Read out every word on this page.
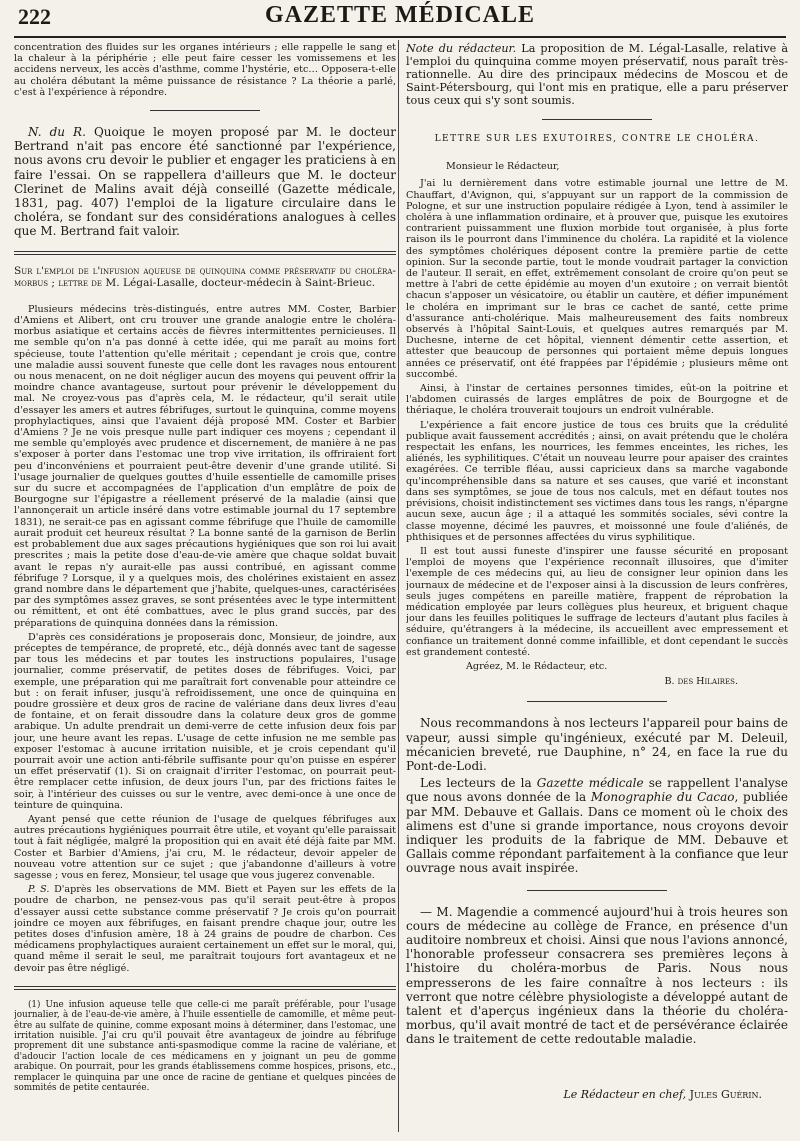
222	GAZETTE MÉDICALE

concentration des fluides sur les organes intérieurs ; elle rappelle le sang et la chaleur à la périphérie ; elle peut faire cesser les vomissemens et les accidens nerveux, les accès d'asthme, comme l'hystérie, etc… Opposera-t-elle au choléra débutant la même puissance de résistance ? La théorie a parlé, c'est à l'expérience à répondre.

N. du R. Quoique le moyen proposé par M. le docteur Bertrand n'ait pas encore été sanctionné par l'expérience, nous avons cru devoir le publier et engager les praticiens à en faire l'essai. On se rappellera d'ailleurs que M. le docteur Clerinet de Malins avait déjà conseillé (Gazette médicale, 1831, pag. 407) l'emploi de la ligature circulaire dans le choléra, se fondant sur des considérations analogues à celles que M. Bertrand fait valoir.

Sur l'emploi de l'infusion aqueuse de quinquina comme préservatif du choléra-morbus ; lettre de M. Légai-Lasalle, docteur-médecin à Saint-Brieuc.

Plusieurs médecins très-distingués, entre autres MM. Coster, Barbier d'Amiens et Alibert, ont cru trouver une grande analogie entre le choléra-morbus asiatique et certains accès de fièvres intermittentes pernicieuses. Il me semble qu'on n'a pas donné à cette idée, qui me paraît au moins fort spécieuse, toute l'attention qu'elle méritait ; cependant je crois que, contre une maladie aussi souvent funeste que celle dont les ravages nous entourent ou nous menacent, on ne doit négliger aucun des moyens qui peuvent offrir la moindre chance avantageuse, surtout pour prévenir le développement du mal. Ne croyez-vous pas d'après cela, M. le rédacteur, qu'il serait utile d'essayer les amers et autres fébrifuges, surtout le quinquina, comme moyens prophylactiques, ainsi que l'avaient déjà proposé MM. Coster et Barbier d'Amiens ? Je ne vois presque nulle part indiquer ces moyens ; cependant il me semble qu'employés avec prudence et discernement, de manière à ne pas s'exposer à porter dans l'estomac une trop vive irritation, ils offriraient fort peu d'inconvéniens et pourraient peut-être devenir d'une grande utilité. Si l'usage journalier de quelques gouttes d'huile essentielle de camomille prises sur du sucre et accompagnées de l'application d'un emplâtre de poix de Bourgogne sur l'épigastre a réellement préservé de la maladie (ainsi que l'annonçerait un article inséré dans votre estimable journal du 17 septembre 1831), ne serait-ce pas en agissant comme fébrifuge que l'huile de camomille aurait produit cet heureux résultat ? La bonne santé de la garnison de Berlin est probablement due aux sages précautions hygiéniques que son roi lui avait prescrites ; mais la petite dose d'eau-de-vie amère que chaque soldat buvait avant le repas n'y aurait-elle pas aussi contribué, en agissant comme fébrifuge ? Lorsque, il y a quelques mois, des cholérines existaient en assez grand nombre dans le département que j'habite, quelques-unes, caractérisées par des symptômes assez graves, se sont présentées avec le type intermittent ou rémittent, et ont été combattues, avec le plus grand succès, par des préparations de quinquina données dans la rémission.

D'après ces considérations je proposerais donc, Monsieur, de joindre, aux préceptes de tempérance, de propreté, etc., déjà donnés avec tant de sagesse par tous les médecins et par toutes les instructions populaires, l'usage journalier, comme préservatif, de petites doses de fébrifuges. Voici, par exemple, une préparation qui me paraîtrait fort convenable pour atteindre ce but : on ferait infuser, jusqu'à refroidissement, une once de quinquina en poudre grossière et deux gros de racine de valériane dans deux livres d'eau de fontaine, et on ferait dissoudre dans la colature deux gros de gomme arabique. Un adulte prendrait un demi-verre de cette infusion deux fois par jour, une heure avant les repas. L'usage de cette infusion ne me semble pas exposer l'estomac à aucune irritation nuisible, et je crois cependant qu'il pourrait avoir une action anti-fébrile suffisante pour qu'on puisse en espérer un effet préservatif (1). Si on craignait d'irriter l'estomac, on pourrait peut-être remplacer cette infusion, de deux jours l'un, par des frictions faites le soir, à l'intérieur des cuisses ou sur le ventre, avec demi-once à une once de teinture de quinquina.

Ayant pensé que cette réunion de l'usage de quelques fébrifuges aux autres précautions hygiéniques pourrait être utile, et voyant qu'elle paraissait tout à fait négligée, malgré la proposition qui en avait été déjà faite par MM. Coster et Barbier d'Amiens, j'ai cru, M. le rédacteur, devoir appeler de nouveau votre attention sur ce sujet ; que j'abandonne d'ailleurs à votre sagesse ; vous en ferez, Monsieur, tel usage que vous jugerez convenable.

P. S. D'après les observations de MM. Biett et Payen sur les effets de la poudre de charbon, ne pensez-vous pas qu'il serait peut-être à propos d'essayer aussi cette substance comme préservatif ? Je crois qu'on pourrait joindre ce moyen aux fébrifuges, en faisant prendre chaque jour, outre les petites doses d'infusion amère, 18 à 24 grains de poudre de charbon. Ces médicamens prophylactiques auraient certainement un effet sur le moral, qui, quand même il serait le seul, me paraîtrait toujours fort avantageux et ne devoir pas être négligé.

(1) Une infusion aqueuse telle que celle-ci me paraît préférable, pour l'usage journalier, à de l'eau-de-vie amère, à l'huile essentielle de camomille, et même peut-être au sulfate de quinine, comme exposant moins à déterminer, dans l'estomac, une irritation nuisible. J'ai cru qu'il pouvait être avantageux de joindre au fébrifuge proprement dit une substance anti-spasmodique comme la racine de valériane, et d'adoucir l'action locale de ces médicamens en y joignant un peu de gomme arabique. On pourrait, pour les grands établissemens comme hospices, prisons, etc., remplacer le quinquina par une once de racine de gentiane et quelques pincées de sommités de petite centaurée.

Note du rédacteur. La proposition de M. Légal-Lasalle, relative à l'emploi du quinquina comme moyen préservatif, nous paraît très-rationnelle. Au dire des principaux médecins de Moscou et de Saint-Pétersbourg, qui l'ont mis en pratique, elle a paru préserver tous ceux qui s'y sont soumis.

LETTRE SUR LES EXUTOIRES, CONTRE LE CHOLÉRA.

Monsieur le Rédacteur,

J'ai lu dernièrement dans votre estimable journal une lettre de M. Chauffart, d'Avignon, qui, s'appuyant sur un rapport de la commission de Pologne, et sur une instruction populaire rédigée à Lyon, tend à assimiler le choléra à une inflammation ordinaire, et à prouver que, puisque les exutoires contrarient puissamment une fluxion morbide tout organisée, à plus forte raison ils le pourront dans l'imminence du choléra. La rapidité et la violence des symptômes cholériques déposent contre la première partie de cette opinion. Sur la seconde partie, tout le monde voudrait partager la conviction de l'auteur. Il serait, en effet, extrêmement consolant de croire qu'on peut se mettre à l'abri de cette épidémie au moyen d'un exutoire ; on verrait bientôt chacun s'apposer un vésicatoire, ou établir un cautère, et défier impunément le choléra en imprimant sur le bras ce cachet de santé, cette prime d'assurance anti-cholérique. Mais malheureusement des faits nombreux observés à l'hôpital Saint-Louis, et quelques autres remarqués par M. Duchesne, interne de cet hôpital, viennent démentir cette assertion, et attester que beaucoup de personnes qui portaient même depuis longues années ce préservatif, ont été frappées par l'épidémie ; plusieurs même ont succombé.

Ainsi, à l'instar de certaines personnes timides, eût-on la poitrine et l'abdomen cuirassés de larges emplâtres de poix de Bourgogne et de thériaque, le choléra trouverait toujours un endroit vulnérable.

L'expérience a fait encore justice de tous ces bruits que la crédulité publique avait faussement accrédités ; ainsi, on avait prétendu que le choléra respectait les enfans, les nourrices, les femmes enceintes, les riches, les aliénés, les syphilitiques. C'était un nouveau leurre pour apaiser des craintes exagérées. Ce terrible fléau, aussi capricieux dans sa marche vagabonde qu'incompréhensible dans sa nature et ses causes, que varié et inconstant dans ses symptômes, se joue de tous nos calculs, met en défaut toutes nos prévisions, choisit indistinctement ses victimes dans tous les rangs, n'épargne aucun sexe, aucun âge ; il a attaqué les sommités sociales, sévi contre la classe moyenne, décimé les pauvres, et moissonné une foule d'aliénés, de phthisiques et de personnes affectées du virus syphilitique.

Il est tout aussi funeste d'inspirer une fausse sécurité en proposant l'emploi de moyens que l'expérience reconnaît illusoires, que d'imiter l'exemple de ces médecins qui, au lieu de consigner leur opinion dans les journaux de médecine et de l'exposer ainsi à la discussion de leurs confrères, seuls juges compétens en pareille matière, frappent de réprobation la médication employée par leurs collègues plus heureux, et briguent chaque jour dans les feuilles politiques le suffrage de lecteurs d'autant plus faciles à séduire, qu'étrangers à la médecine, ils accueillent avec empressement et confiance un traitement donné comme infaillible, et dont cependant le succès est grandement contesté.

Agréez, M. le Rédacteur, etc.

B. des Hilaires.

Nous recommandons à nos lecteurs l'appareil pour bains de vapeur, aussi simple qu'ingénieux, exécuté par M. Deleuil, mécanicien breveté, rue Dauphine, n° 24, en face la rue du Pont-de-Lodi.

Les lecteurs de la Gazette médicale se rappellent l'analyse que nous avons donnée de la Monographie du Cacao, publiée par MM. Debauve et Gallais. Dans ce moment où le choix des alimens est d'une si grande importance, nous croyons devoir indiquer les produits de la fabrique de MM. Debauve et Gallais comme répondant parfaitement à la confiance que leur ouvrage nous avait inspirée.

— M. Magendie a commencé aujourd'hui à trois heures son cours de médecine au collège de France, en présence d'un auditoire nombreux et choisi. Ainsi que nous l'avions annoncé, l'honorable professeur consacrera ses premières leçons à l'histoire du choléra-morbus de Paris. Nous nous empresserons de les faire connaître à nos lecteurs : ils verront que notre célèbre physiologiste a développé autant de talent et d'aperçus ingénieux dans la théorie du choléra-morbus, qu'il avait montré de tact et de persévérance éclairée dans le traitement de cette redoutable maladie.

Le Rédacteur en chef, Jules Guérin.
